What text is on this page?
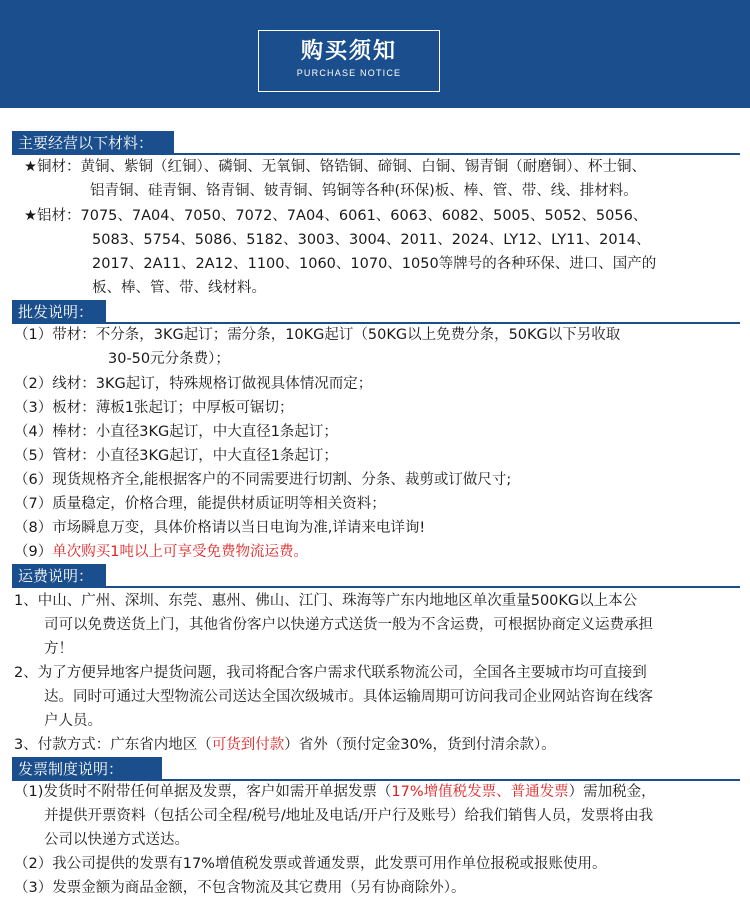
购买须知
PURCHASE NOTICE
主要经营以下材料：
★铜材：黄铜、紫铜（红铜）、磷铜、无氧铜、铬锆铜、碲铜、白铜、锡青铜（耐磨铜）、杯士铜、
铝青铜、硅青铜、铬青铜、铍青铜、钨铜等各种(环保)板、棒、管、带、线、排材料。
★铝材：7075、7A04、7050、7072、7A04、6061、6063、6082、5005、5052、5056、
5083、5754、5086、5182、3003、3004、2011、2024、LY12、LY11、2014、
2017、2A11、2A12、1100、1060、1070、1050等牌号的各种环保、进口、国产的
板、棒、管、带、线材料。
批发说明：
（1）带材：不分条，3KG起订；需分条，10KG起订（50KG以上免费分条，50KG以下另收取
30-50元分条费）；
（2）线材：3KG起订，特殊规格订做视具体情况而定；
（3）板材：薄板1张起订；中厚板可锯切；
（4）棒材：小直径3KG起订，中大直径1条起订；
（5）管材：小直径3KG起订，中大直径1条起订；
（6）现货规格齐全,能根据客户的不同需要进行切割、分条、裁剪或订做尺寸;
（7）质量稳定，价格合理，能提供材质证明等相关资料；
（8）市场瞬息万变，具体价格请以当日电询为准,详请来电详询!
（9）单次购买1吨以上可享受免费物流运费。
运费说明：
1、中山、广州、深圳、东莞、惠州、佛山、江门、珠海等广东内地地区单次重量500KG以上本公
司可以免费送货上门，其他省份客户以快递方式送货一般为不含运费，可根据协商定义运费承担
方！
2、为了方便异地客户提货问题，我司将配合客户需求代联系物流公司，全国各主要城市均可直接到
达。同时可通过大型物流公司送达全国次级城市。具体运输周期可访问我司企业网站咨询在线客
户人员。
3、付款方式：广东省内地区（可货到付款）省外（预付定金30%，货到付清余款）。
发票制度说明：
（1)发货时不附带任何单据及发票，客户如需开单据发票（17%增值税发票、普通发票）需加税金，
并提供开票资料（包括公司全程/税号/地址及电话/开户行及账号）给我们销售人员，发票将由我
公司以快递方式送达。
（2）我公司提供的发票有17%增值税发票或普通发票，此发票可用作单位报税或报账使用。
（3）发票金额为商品金额，不包含物流及其它费用（另有协商除外）。
